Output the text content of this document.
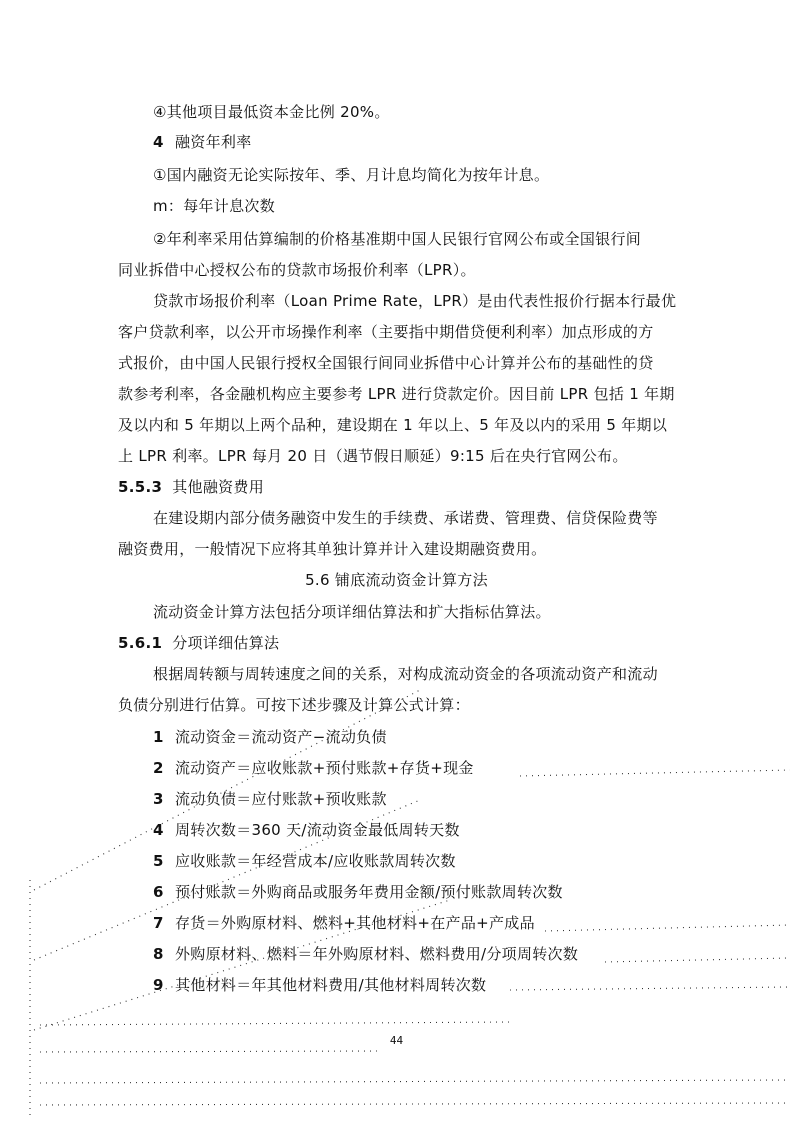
④其他项目最低资本金比例 20%。

4 融资年利率

①国内融资无论实际按年、季、月计息均简化为按年计息。

m：每年计息次数

②年利率采用估算编制的价格基准期中国人民银行官网公布或全国银行间

同业拆借中心授权公布的贷款市场报价利率（LPR）。

贷款市场报价利率（Loan Prime Rate，LPR）是由代表性报价行据本行最优

客户贷款利率，以公开市场操作利率（主要指中期借贷便利利率）加点形成的方

式报价，由中国人民银行授权全国银行间同业拆借中心计算并公布的基础性的贷

款参考利率，各金融机构应主要参考 LPR 进行贷款定价。因目前 LPR 包括 1 年期

及以内和 5 年期以上两个品种，建设期在 1 年以上、5 年及以内的采用 5 年期以

上 LPR 利率。LPR 每月 20 日（遇节假日顺延）9:15 后在央行官网公布。

5.5.3 其他融资费用

在建设期内部分债务融资中发生的手续费、承诺费、管理费、信贷保险费等

融资费用，一般情况下应将其单独计算并计入建设期融资费用。

5.6 铺底流动资金计算方法

流动资金计算方法包括分项详细估算法和扩大指标估算法。

5.6.1 分项详细估算法

根据周转额与周转速度之间的关系，对构成流动资金的各项流动资产和流动

负债分别进行估算。可按下述步骤及计算公式计算：

1 流动资金＝流动资产−流动负债

2 流动资产＝应收账款+预付账款+存货+现金

3 流动负债＝应付账款+预收账款

4 周转次数＝360 天/流动资金最低周转天数

5 应收账款＝年经营成本/应收账款周转次数

6 预付账款＝外购商品或服务年费用金额/预付账款周转次数

7 存货＝外购原材料、燃料+其他材料+在产品+产成品

8 外购原材料、燃料＝年外购原材料、燃料费用/分项周转次数

9 其他材料＝年其他材料费用/其他材料周转次数

44
